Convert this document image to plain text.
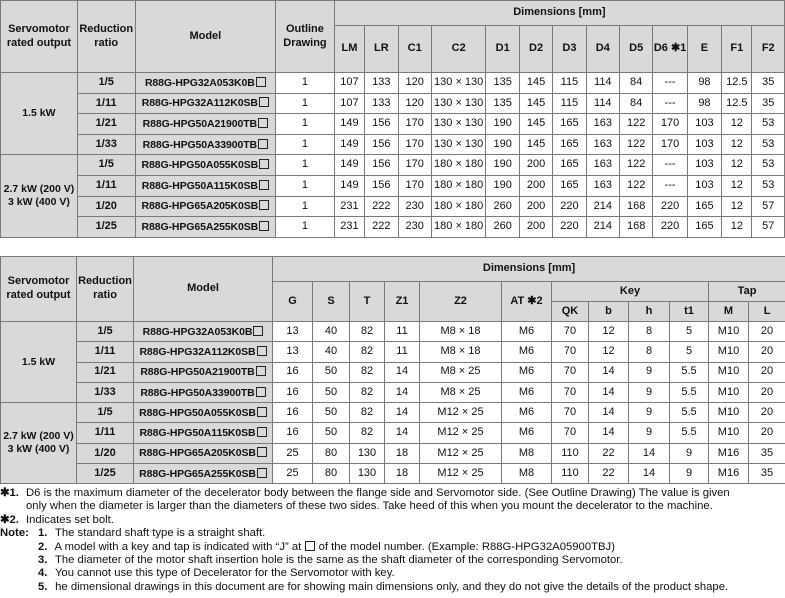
Servomotor rated output	Reduction ratio	Model	Outline Drawing	Dimensions [mm]												
				LM	LR	C1	C2	D1	D2	D3	D4	D5	D6 ✱1	E	F1	F2
1.5 kW	1/5	R88G-HPG32A053K0B	1	107	133	120	130 × 130	135	145	115	114	84	---	98	12.5	35
	1/11	R88G-HPG32A112K0SB	1	107	133	120	130 × 130	135	145	115	114	84	---	98	12.5	35
	1/21	R88G-HPG50A21900TB	1	149	156	170	130 × 130	190	145	165	163	122	170	103	12	53
	1/33	R88G-HPG50A33900TB	1	149	156	170	130 × 130	190	145	165	163	122	170	103	12	53
2.7 kW (200 V) 3 kW (400 V)	1/5	R88G-HPG50A055K0SB	1	149	156	170	180 × 180	190	200	165	163	122	---	103	12	53
	1/11	R88G-HPG50A115K0SB	1	149	156	170	180 × 180	190	200	165	163	122	---	103	12	53
	1/20	R88G-HPG65A205K0SB	1	231	222	230	180 × 180	260	200	220	214	168	220	165	12	57
	1/25	R88G-HPG65A255K0SB	1	231	222	230	180 × 180	260	200	220	214	168	220	165	12	57
Servomotor rated output	Reduction ratio	Model	Dimensions [mm]											
			G	S	T	Z1	Z2	AT ✱2	Key				Tap	
									QK	b	h	t1	M	L
1.5 kW	1/5	R88G-HPG32A053K0B	13	40	82	11	M8 × 18	M6	70	12	8	5	M10	20
	1/11	R88G-HPG32A112K0SB	13	40	82	11	M8 × 18	M6	70	12	8	5	M10	20
	1/21	R88G-HPG50A21900TB	16	50	82	14	M8 × 25	M6	70	14	9	5.5	M10	20
	1/33	R88G-HPG50A33900TB	16	50	82	14	M8 × 25	M6	70	14	9	5.5	M10	20
2.7 kW (200 V) 3 kW (400 V)	1/5	R88G-HPG50A055K0SB	16	50	82	14	M12 × 25	M6	70	14	9	5.5	M10	20
	1/11	R88G-HPG50A115K0SB	16	50	82	14	M12 × 25	M6	70	14	9	5.5	M10	20
	1/20	R88G-HPG65A205K0SB	25	80	130	18	M12 × 25	M8	110	22	14	9	M16	35
	1/25	R88G-HPG65A255K0SB	25	80	130	18	M12 × 25	M8	110	22	14	9	M16	35
✱1. D6 is the maximum diameter of the decelerator body between the flange side and Servomotor side. (See Outline Drawing) The value is given
only when the diameter is larger than the diameters of these two sides. Take heed of this when you mount the decelerator to the machine.
✱2. Indicates set bolt.
Note: 1. The standard shaft type is a straight shaft.
2. A model with a key and tap is indicated with “J” at of the model number. (Example: R88G-HPG32A05900TBJ)
3. The diameter of the motor shaft insertion hole is the same as the shaft diameter of the corresponding Servomotor.
4. You cannot use this type of Decelerator for the Servomotor with key.
5. he dimensional drawings in this document are for showing main dimensions only, and they do not give the details of the product shape.
